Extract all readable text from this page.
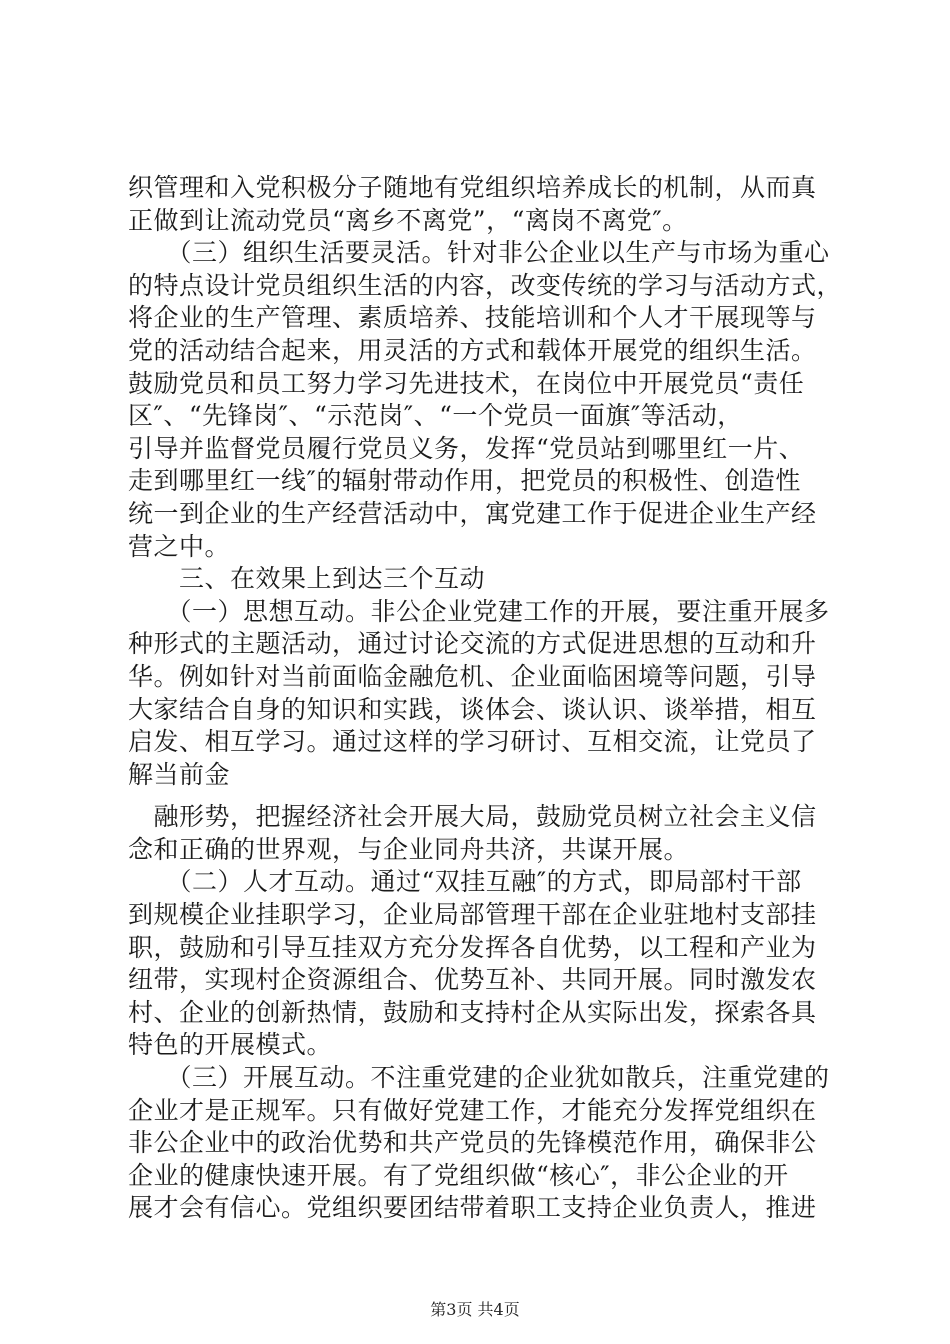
织管理和入党积极分子随地有党组织培养成长的机制，从而真
正做到让流动党员“离乡不离党”，“离岗不离党″。
　　（三）组织生活要灵活。针对非公企业以生产与市场为重心
的特点设计党员组织生活的内容，改变传统的学习与活动方式，
将企业的生产管理、素质培养、技能培训和个人才干展现等与
党的活动结合起来，用灵活的方式和载体开展党的组织生活。
鼓励党员和员工努力学习先进技术，在岗位中开展党员“责任
区″、“先锋岗″、“示范岗″、“一个党员一面旗″等活动，
引导并监督党员履行党员义务，发挥“党员站到哪里红一片、
走到哪里红一线″的辐射带动作用，把党员的积极性、创造性
统一到企业的生产经营活动中，寓党建工作于促进企业生产经
营之中。
　　三、在效果上到达三个互动
　　（一）思想互动。非公企业党建工作的开展，要注重开展多
种形式的主题活动，通过讨论交流的方式促进思想的互动和升
华。例如针对当前面临金融危机、企业面临困境等问题，引导
大家结合自身的知识和实践，谈体会、谈认识、谈举措，相互
启发、相互学习。通过这样的学习研讨、互相交流，让党员了
解当前金
　融形势，把握经济社会开展大局，鼓励党员树立社会主义信
念和正确的世界观，与企业同舟共济，共谋开展。
　　（二）人才互动。通过“双挂互融″的方式，即局部村干部
到规模企业挂职学习，企业局部管理干部在企业驻地村支部挂
职，鼓励和引导互挂双方充分发挥各自优势，以工程和产业为
纽带，实现村企资源组合、优势互补、共同开展。同时激发农
村、企业的创新热情，鼓励和支持村企从实际出发，探索各具
特色的开展模式。
　　（三）开展互动。不注重党建的企业犹如散兵，注重党建的
企业才是正规军。只有做好党建工作，才能充分发挥党组织在
非公企业中的政治优势和共产党员的先锋模范作用，确保非公
企业的健康快速开展。有了党组织做“核心″，非公企业的开
展才会有信心。党组织要团结带着职工支持企业负责人，推进
第3页 共4页
